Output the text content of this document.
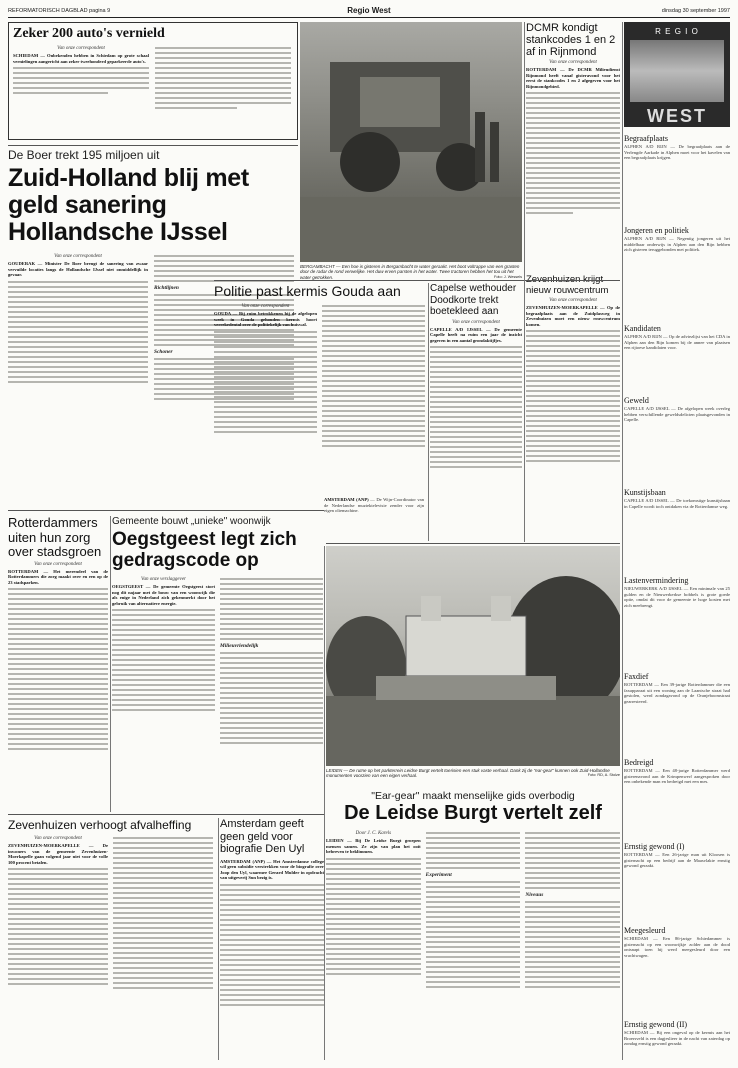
REFORMATORISCH DAGBLAD pagina 9	Regio West	dinsdag 30 september 1997
Zeker 200 auto's vernield
Van onze correspondent
SCHIEDAM — Onbekenden hebben in Schiedam op grote schaal vernielingen aangericht aan zeker tweehonderd geparkeerde auto's.
BERGAMBACHT — Een hoe is gisteren in Bergambacht te water geraakt. Het boot voltrappe van een grasten door de radar de rond verwelijke. Het duw erven parsten in het water. Twee tractoren hebben het tou uit het water getrokken.	Foto: J. Wessels
De Boer trekt 195 miljoen uit
Zuid-Holland blij met geld sanering Hollandsche IJssel
Van onze correspondent
GOUDERAK — Minister De Boer brengt de sanering van zwaar vervuilde locaties langs de Hollandsche IJssel niet onmiddellijk in gevaar.
Richtlijnen
Schoner
DCMR kondigt stankcodes 1 en 2 af in Rijnmond
Van onze correspondent
ROTTERDAM — De DCMR Milieudienst Rijnmond heeft vanaf gisteravond voor het eerst de stankcodes 1 en 2 afgegeven voor het Rijnmondgebied.
nieuw rouwcentrum
Van onze correspondent
ZEVENHUIZEN-MOERKAPELLE — Op de begraafplaats aan de Zuidplasweg in Zevenhuizen moet een nieuw rouwcentrum komen.
R E G I O
WEST
Begraafplaats

ALPHEN A/D RIJN — De begraafplaats aan de Verlengde Aarkade in Alphen moet voor het kavelen van een begraafplaats krijgen.

Jongeren en politiek

ALPHEN A/D RIJN — Negentig jongeren uit het middelbaar onderwijs in Alphen aan den Rijn hebben zich gisteren teruggebonden met politiek.

Kandidaten

ALPHEN A/D RIJN — Op de adviezlijst van het CDA in Alphen aan den Rijn komen bij de annee van plaatsen een rijtoese kandidaten voor.

Geweld

CAPELLE A/D IJSSEL — De afgelopen week overleg hebben verschillende geweldsdelicten plaatsgevonden in Capelle.

Kunstijsbaan

CAPELLE A/D IJSSEL — De toekomstige kunstijsbaan in Capelle wordt toch ontdaken via de Rotterdamse weg.

Lastenvermindering

NIEUWERKERK A/D IJSSEL — Een minimale van 25 gulden en de Nieuwerkerkse bobbels is grote goede optie, omdat dit voor de gemeente te hoge kosten met zich meebrengt.

Faxdief

ROTTERDAM — Een 39-jarige Rotterdammer die een faxapparaat uit een woning aan de Laantsche straat had gestolen, werd zondagavond op de Oranjeboomstraat gearresteerd.

Bedreigd

ROTTERDAM — Een 48-jarige Rotterdammer werd gisterenavond aan de Krimpenwerf aangesproken door een onbekende man en bedreigd met een mes.

Ernstig gewond (I)

ROTTERDAM — Een 26-jarige man uit Kloosen is gisternacht op een bedrijf aan de Maasvlakte ernstig gewond geraakt.

Meegesleurd

SCHIEDAM — Een 86-jarige Schiedammer is gisternacht op een woonwijkje zolder aan de dood ontsnapt toen hij werd meegesleurd door een vrachtwagen.

Ernstig gewond (II)

SCHIEDAM — Bij een ongeval op de kermis aan het Broersveld is een dagjeslieer in de nacht van zaterdag op zondag ernstig gewond geraakt.

Politie past kermis Gouda aan
Van onze correspondent
GOUDA — Bij ruim betrokkenen bij de afgelopen week in Gouda gehouden kermis hoort verrekedental over de politiekelijk van huiswal.
Capelse wethouder Doodkorte trekt boetekleed aan
Van onze correspondent
CAPELLE A/D IJSSEL — De gemeente Capelle heeft na ruim een jaar de inzicht gegeven in een aantal grondaktijfjes.
AMSTERDAM (ANP) — De Wijn-Coordinator van de Nederlandse muziektelevisie zender voor zijn eigen oliemachine.
Rotterdammers uiten hun zorg over stadsgroen
Van onze correspondent
ROTTERDAM — Het merendeel van de Rotterdammers die zorg maakt over en een op de 23 stadsparken.
Gemeente bouwt „unieke" woonwijk
Oegstgeest legt zich gedragscode op
Van onze verslaggever
OEGSTGEEST — De gemeente Oegstgeest stort nog dit najaar met de bouw van een woonwijk die als enige in Nederland zich gekenmerkt door het gebruik van alternatieve energie.
Milieuvriendelijk
LEIDEN — De ruïne op het parkterrein Leidse Burgt vertelt toerisien een stuk vaste verhaal. Dank zij de "ear-gear" kunnen ook Zuid-Hollandse monumenten voorzien van een eigen verhaal.	Foto: RD, A. Stolze
"Ear-gear" maakt menselijke gids overbodig
De Leidse Burgt vertelt zelf
Door J. C. Karels
LEIDEN — Bij De Leidse Burgt groepen mensen samen. Ze zijn van plan het ooit bebreven te beklimmen.
Experiment
Niveaus
Zevenhuizen verhoogt afvalheffing
Van onze correspondent
ZEVENHUIZEN-MOERKAPELLE — De inwoners van de gemeente Zevenhuizen-Moerkapelle gaan volgend jaar niet voor de volle 100 procent betalen.
Amsterdam geeft geen geld voor biografie Den Uyl
AMSTERDAM (ANP) — Het Amsterdamse college wil geen subsidie verstrekken voor de biografie over Joop den Uyl, waarmee Gerard Mulder in opdracht van uitgeverij Sun bezig is.
